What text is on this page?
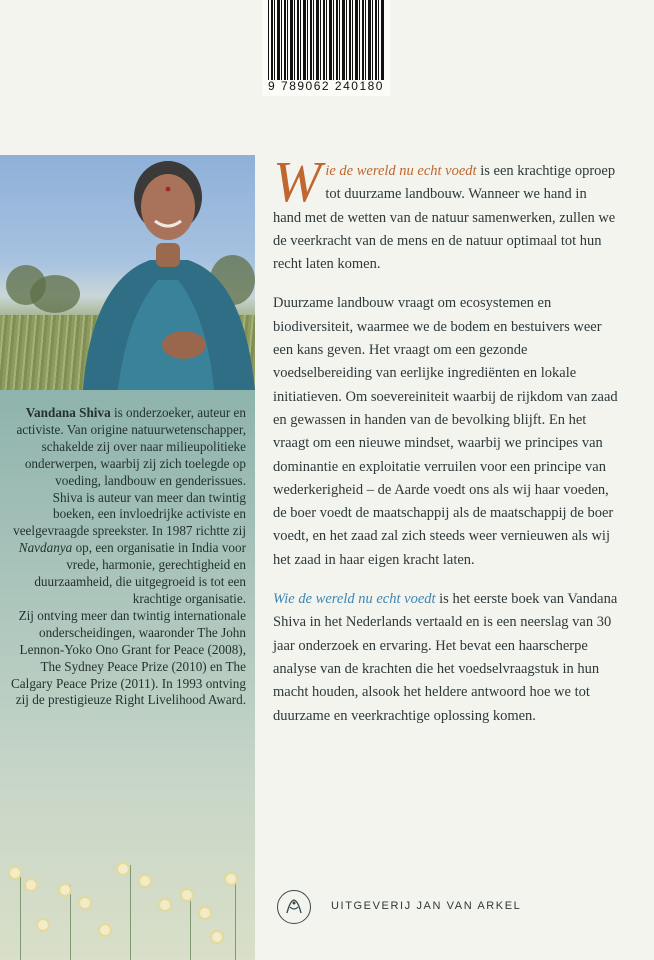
9 789062 240180

Vandana Shiva is onderzoeker, auteur en activiste. Van origine natuurwetenschapper, schakelde zij over naar milieupolitieke onderwerpen, waarbij zij zich toelegde op voeding, landbouw en genderissues.

Shiva is auteur van meer dan twintig boeken, een invloedrijke activiste en veelgevraagde spreekster. In 1987 richtte zij Navdanya op, een organisatie in India voor vrede, harmonie, gerechtigheid en duurzaamheid, die uitgegroeid is tot een krachtige organisatie.

Zij ontving meer dan twintig internationale onderscheidingen, waaronder The John Lennon-Yoko Ono Grant for Peace (2008), The Sydney Peace Prize (2010) en The Calgary Peace Prize (2011). In 1993 ontving zij de prestigieuze Right Livelihood Award.

Wie de wereld nu echt voedt is een krachtige oproep tot duurzame landbouw. Wanneer we hand in hand met de wetten van de natuur samenwerken, zullen we de veerkracht van de mens en de natuur optimaal tot hun recht laten komen.

Duurzame landbouw vraagt om ecosystemen en biodiversiteit, waarmee we de bodem en bestuivers weer een kans geven. Het vraagt om een gezonde voedselbereiding van eerlijke ingrediënten en lokale initiatieven. Om soevereiniteit waarbij de rijkdom van zaad en gewassen in handen van de bevolking blijft. En het vraagt om een nieuwe mindset, waarbij we principes van dominantie en exploitatie verruilen voor een principe van wederkerigheid – de Aarde voedt ons als wij haar voeden, de boer voedt de maatschappij als de maatschappij de boer voedt, en het zaad zal zich steeds weer vernieuwen als wij het zaad in haar eigen kracht laten.

Wie de wereld nu echt voedt is het eerste boek van Vandana Shiva in het Nederlands vertaald en is een neerslag van 30 jaar onderzoek en ervaring. Het bevat een haarscherpe analyse van de krachten die het voedselvraagstuk in hun macht houden, alsook het heldere antwoord hoe we tot duurzame en veerkrachtige oplossing komen.

UITGEVERIJ JAN VAN ARKEL
